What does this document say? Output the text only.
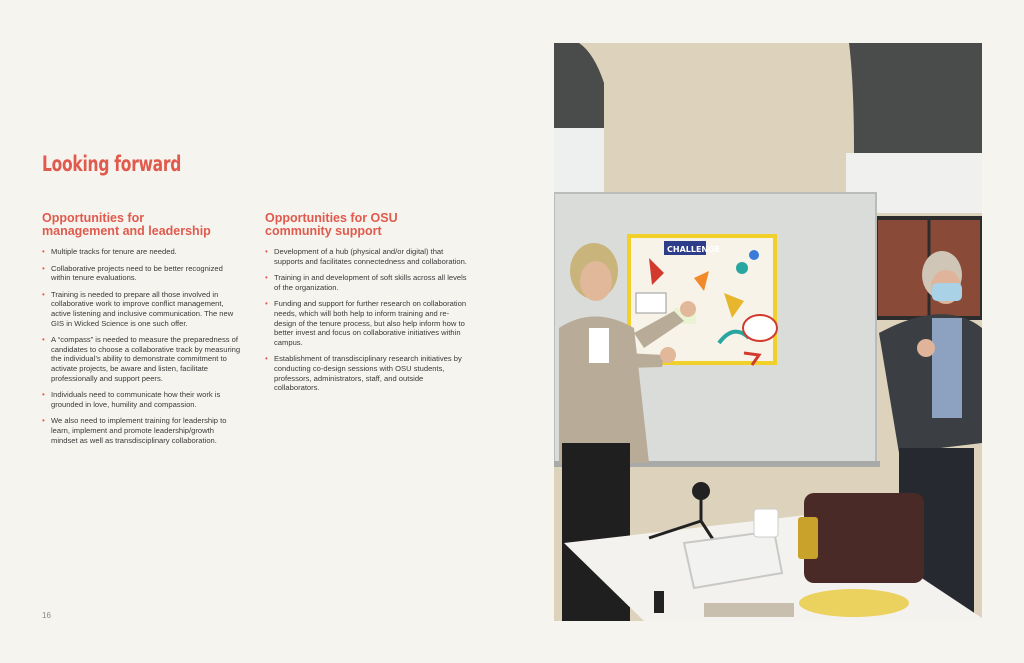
Looking forward
Opportunities for
management and leadership
• Multiple tracks for tenure are needed.
• Collaborative projects need to be better recognized within tenure evaluations.
• Training is needed to prepare all those involved in collaborative work to improve conflict management, active listening and inclusive communication. The new GIS in Wicked Science is one such offer.
• A “compass” is needed to measure the preparedness of candidates to choose a collaborative track by measuring the individual’s ability to demonstrate commitment to activate projects, be aware and listen, facilitate professionally and support peers.
• Individuals need to communicate how their work is grounded in love, humility and compassion.
• We also need to implement training for leadership to learn, implement and promote leadership/growth mindset as well as transdisciplinary collaboration.
Opportunities for OSU
community support
• Development of a hub (physical and/or digital) that supports and facilitates connectedness and collaboration.
• Training in and development of soft skills across all levels of the organization.
• Funding and support for further research on collaboration needs, which will both help to inform training and re-design of the tenure process, but also help inform how to better invest and focus on collaborative initiatives within campus.
• Establishment of transdisciplinary research initiatives by conducting co-design sessions with OSU students, professors, administrators, staff, and outside collaborators.
16
CHALLENGE
